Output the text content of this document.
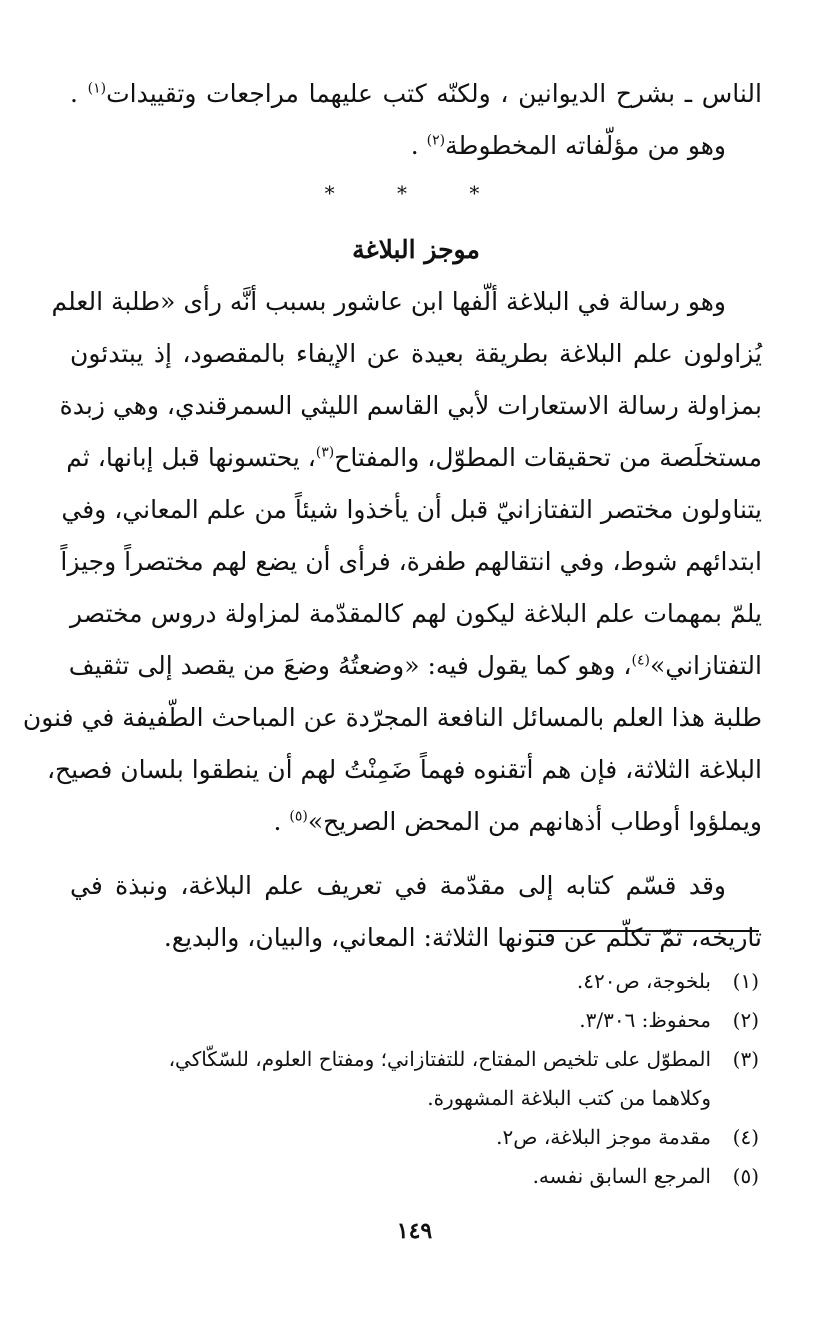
الناس ـ بشرح الديوانين ، ولكنّه كتب عليهما مراجعات وتقييدات$^{(١)}$ .
وهو من مؤلّفاته المخطوطة$^{(٢)}$ .

* * *
موجز البلاغة

وهو رسالة في البلاغة ألّفها ابن عاشور بسبب أنَّه رأى «طلبة العلم
يُزاولون علم البلاغة بطريقة بعيدة عن الإيفاء بالمقصود، إذ يبتدئون
بمزاولة رسالة الاستعارات لأبي القاسم الليثي السمرقندي، وهي زبدة
مستخلَصة من تحقيقات المطوّل، والمفتاح$^{(٣)}$، يحتسونها قبل إبانها، ثم
يتناولون مختصر التفتازانيّ قبل أن يأخذوا شيئاً من علم المعاني، وفي
ابتدائهم شوط، وفي انتقالهم طفرة، فرأى أن يضع لهم مختصراً وجيزاً
يلمّ بمهمات علم البلاغة ليكون لهم كالمقدّمة لمزاولة دروس مختصر
التفتازاني»$^{(٤)}$، وهو كما يقول فيه: «وضعتُهُ وضعَ من يقصد إلى تثقيف
طلبة هذا العلم بالمسائل النافعة المجرّدة عن المباحث الطّفيفة في فنون
البلاغة الثلاثة، فإن هم أتقنوه فهماً ضَمِنْتُ لهم أن ينطقوا بلسان فصيح،
ويملؤوا أوطاب أذهانهم من المحض الصريح»$^{(٥)}$ .

وقد قسّم كتابه إلى مقدّمة في تعريف علم البلاغة، ونبذة في
تاريخه، ثمّ تكلّم عن فنونها الثلاثة: المعاني، والبيان، والبديع.

(١)
بلخوجة، ص٤٢٠.
(٢)
محفوظ: ٣/٣٠٦.
(٣)
المطوّل على تلخيص المفتاح، للتفتازاني؛ ومفتاح العلوم، للسّكّاكي،
وكلاهما من كتب البلاغة المشهورة.
(٤)
مقدمة موجز البلاغة، ص٢.
(٥)
المرجع السابق نفسه.
١٤٩
